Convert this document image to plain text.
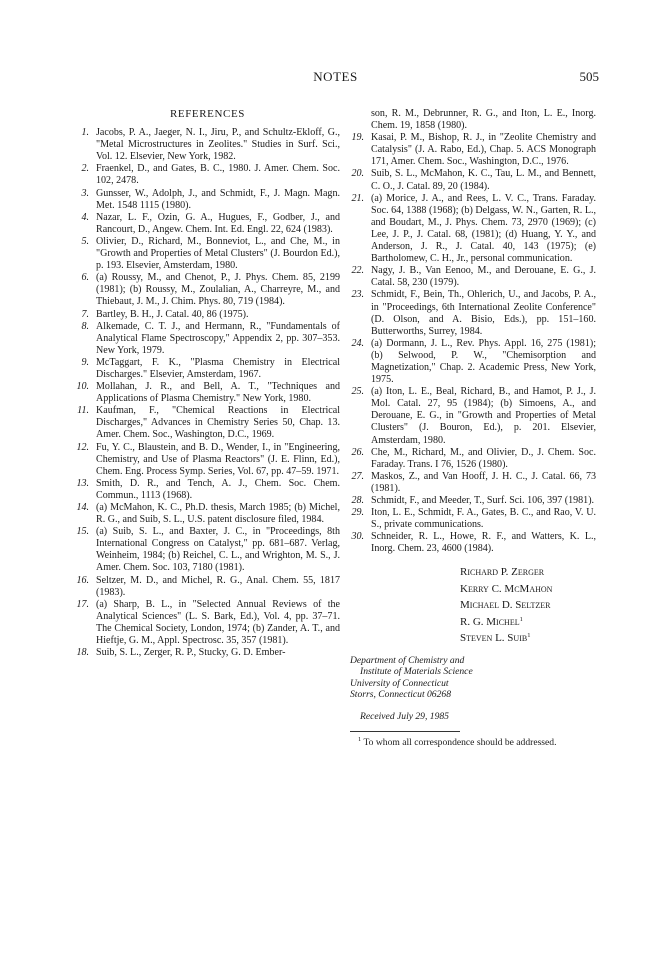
NOTES	505
REFERENCES
1. Jacobs, P. A., Jaeger, N. I., Jiru, P., and Schultz-Ekloff, G., "Metal Microstructures in Zeolites." Studies in Surf. Sci., Vol. 12. Elsevier, New York, 1982.
2. Fraenkel, D., and Gates, B. C., 1980. J. Amer. Chem. Soc. 102, 2478.
3. Gunsser, W., Adolph, J., and Schmidt, F., J. Magn. Magn. Met. 1548 1115 (1980).
4. Nazar, L. F., Ozin, G. A., Hugues, F., Godber, J., and Rancourt, D., Angew. Chem. Int. Ed. Engl. 22, 624 (1983).
5. Olivier, D., Richard, M., Bonneviot, L., and Che, M., in "Growth and Properties of Metal Clusters" (J. Bourdon Ed.), p. 193. Elsevier, Amsterdam, 1980.
6. (a) Roussy, M., and Chenot, P., J. Phys. Chem. 85, 2199 (1981); (b) Roussy, M., Zoulalian, A., Charreyre, M., and Thiebaut, J. M., J. Chim. Phys. 80, 719 (1984).
7. Bartley, B. H., J. Catal. 40, 86 (1975).
8. Alkemade, C. T. J., and Hermann, R., "Fundamentals of Analytical Flame Spectroscopy," Appendix 2, pp. 307–353. New York, 1979.
9. McTaggart, F. K., "Plasma Chemistry in Electrical Discharges." Elsevier, Amsterdam, 1967.
10. Mollahan, J. R., and Bell, A. T., "Techniques and Applications of Plasma Chemistry." New York, 1980.
11. Kaufman, F., "Chemical Reactions in Electrical Discharges," Advances in Chemistry Series 50, Chap. 13. Amer. Chem. Soc., Washington, D.C., 1969.
12. Fu, Y. C., Blaustein, and B. D., Wender, I., in "Engineering, Chemistry, and Use of Plasma Reactors" (J. E. Flinn, Ed.), Chem. Eng. Process Symp. Series, Vol. 67, pp. 47–59. 1971.
13. Smith, D. R., and Tench, A. J., Chem. Soc. Chem. Commun., 1113 (1968).
14. (a) McMahon, K. C., Ph.D. thesis, March 1985; (b) Michel, R. G., and Suib, S. L., U.S. patent disclosure filed, 1984.
15. (a) Suib, S. L., and Baxter, J. C., in "Proceedings, 8th International Congress on Catalyst," pp. 681–687. Verlag, Weinheim, 1984; (b) Reichel, C. L., and Wrighton, M. S., J. Amer. Chem. Soc. 103, 7180 (1981).
16. Seltzer, M. D., and Michel, R. G., Anal. Chem. 55, 1817 (1983).
17. (a) Sharp, B. L., in "Selected Annual Reviews of the Analytical Sciences" (L. S. Bark, Ed.), Vol. 4, pp. 37–71. The Chemical Society, London, 1974; (b) Zander, A. T., and Hieftje, G. M., Appl. Spectrosc. 35, 357 (1981).
18. Suib, S. L., Zerger, R. P., Stucky, G. D. Ember-

son, R. M., Debrunner, R. G., and Iton, L. E., Inorg. Chem. 19, 1858 (1980).

19. Kasai, P. M., Bishop, R. J., in "Zeolite Chemistry and Catalysis" (J. A. Rabo, Ed.), Chap. 5. ACS Monograph 171, Amer. Chem. Soc., Washington, D.C., 1976.
20. Suib, S. L., McMahon, K. C., Tau, L. M., and Bennett, C. O., J. Catal. 89, 20 (1984).
21. (a) Morice, J. A., and Rees, L. V. C., Trans. Faraday. Soc. 64, 1388 (1968); (b) Delgass, W. N., Garten, R. L., and Boudart, M., J. Phys. Chem. 73, 2970 (1969); (c) Lee, J. P., J. Catal. 68, (1981); (d) Huang, Y. Y., and Anderson, J. R., J. Catal. 40, 143 (1975); (e) Bartholomew, C. H., Jr., personal communication.
22. Nagy, J. B., Van Eenoo, M., and Derouane, E. G., J. Catal. 58, 230 (1979).
23. Schmidt, F., Bein, Th., Ohlerich, U., and Jacobs, P. A., in "Proceedings, 6th International Zeolite Conference" (D. Olson, and A. Bisio, Eds.), pp. 151–160. Butterworths, Surrey, 1984.
24. (a) Dormann, J. L., Rev. Phys. Appl. 16, 275 (1981); (b) Selwood, P. W., "Chemisorption and Magnetization," Chap. 2. Academic Press, New York, 1975.
25. (a) Iton, L. E., Beal, Richard, B., and Hamot, P. J., J. Mol. Catal. 27, 95 (1984); (b) Simoens, A., and Derouane, E. G., in "Growth and Properties of Metal Clusters" (J. Bouron, Ed.), p. 201. Elsevier, Amsterdam, 1980.
26. Che, M., Richard, M., and Olivier, D., J. Chem. Soc. Faraday. Trans. I 76, 1526 (1980).
27. Maskos, Z., and Van Hooff, J. H. C., J. Catal. 66, 73 (1981).
28. Schmidt, F., and Meeder, T., Surf. Sci. 106, 397 (1981).
29. Iton, L. E., Schmidt, F. A., Gates, B. C., and Rao, V. U. S., private communications.
30. Schneider, R. L., Howe, R. F., and Watters, K. L., Inorg. Chem. 23, 4600 (1984).
Richard P. Zerger
Kerry C. McMahon
Michael D. Seltzer
R. G. Michel$^1$
Steven L. Suib$^1$
Department of Chemistry and
Institute of Materials Science
University of Connecticut
Storrs, Connecticut 06268

Received July 29, 1985

$^1$ To whom all correspondence should be addressed.
